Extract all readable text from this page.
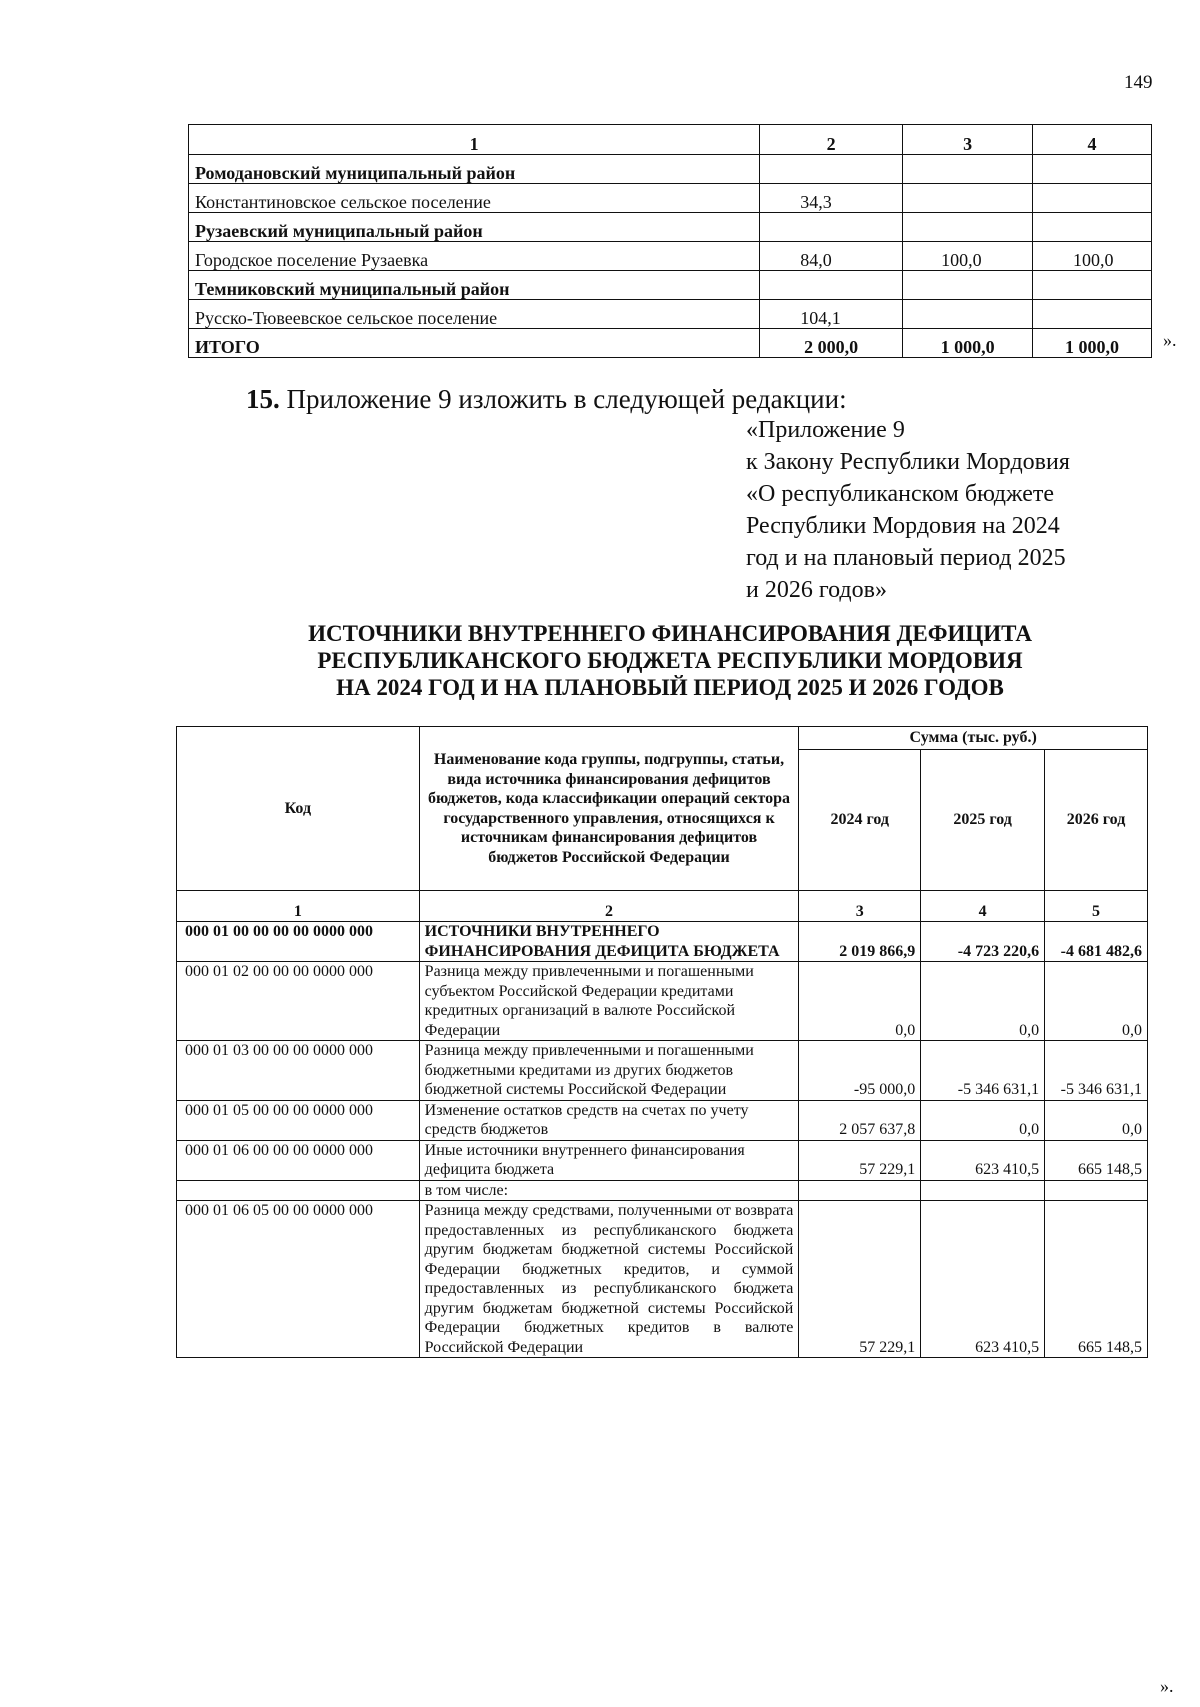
149
1	2	3	4
Ромодановский муниципальный район			
Константиновское сельское поселение	34,3		
Рузаевский муниципальный район			
Городское поселение Рузаевка	84,0	100,0	100,0
Темниковский муниципальный район			
Русско-Тювеевское сельское поселение	104,1		
ИТОГО	2 000,0	1 000,0	1 000,0 ».
15. Приложение 9 изложить в следующей редакции:
«Приложение 9
к Закону Республики Мордовия
«О республиканском бюджете
Республики Мордовия на 2024
год и на плановый период 2025
и 2026 годов»
ИСТОЧНИКИ ВНУТРЕННЕГО ФИНАНСИРОВАНИЯ ДЕФИЦИТА
РЕСПУБЛИКАНСКОГО БЮДЖЕТА РЕСПУБЛИКИ МОРДОВИЯ
НА 2024 ГОД И НА ПЛАНОВЫЙ ПЕРИОД 2025 И 2026 ГОДОВ
Код	Наименование кода группы, подгруппы, статьи, вида источника финансирования дефицитов бюджетов, кода классификации операций сектора государственного управления, относящихся к источникам финансирования дефицитов бюджетов Российской Федерации	Сумма (тыс. руб.)		
		2024 год	2025 год	2026 год
1	2	3	4	5
000 01 00 00 00 00 0000 000	ИСТОЧНИКИ ВНУТРЕННЕГО ФИНАНСИРОВАНИЯ ДЕФИЦИТА БЮДЖЕТА	2 019 866,9	-4 723 220,6	-4 681 482,6
000 01 02 00 00 00 0000 000	Разница между привлеченными и погашенными субъектом Российской Федерации кредитами кредитных организаций в валюте Российской Федерации	0,0	0,0	0,0
000 01 03 00 00 00 0000 000	Разница между привлеченными и погашенными бюджетными кредитами из других бюджетов бюджетной системы Российской Федерации	-95 000,0	-5 346 631,1	-5 346 631,1
000 01 05 00 00 00 0000 000	Изменение остатков средств на счетах по учету средств бюджетов	2 057 637,8	0,0	0,0
000 01 06 00 00 00 0000 000	Иные источники внутреннего финансирования дефицита бюджета	57 229,1	623 410,5	665 148,5
	в том числе:			
000 01 06 05 00 00 0000 000	Разница между средствами, полученными от возврата предоставленных из республиканского бюджета другим бюджетам бюджетной системы Российской Федерации бюджетных кредитов, и суммой предоставленных из республиканского бюджета другим бюджетам бюджетной системы Российской Федерации бюджетных кредитов в валюте Российской Федерации	57 229,1	623 410,5	665 148,5
».
